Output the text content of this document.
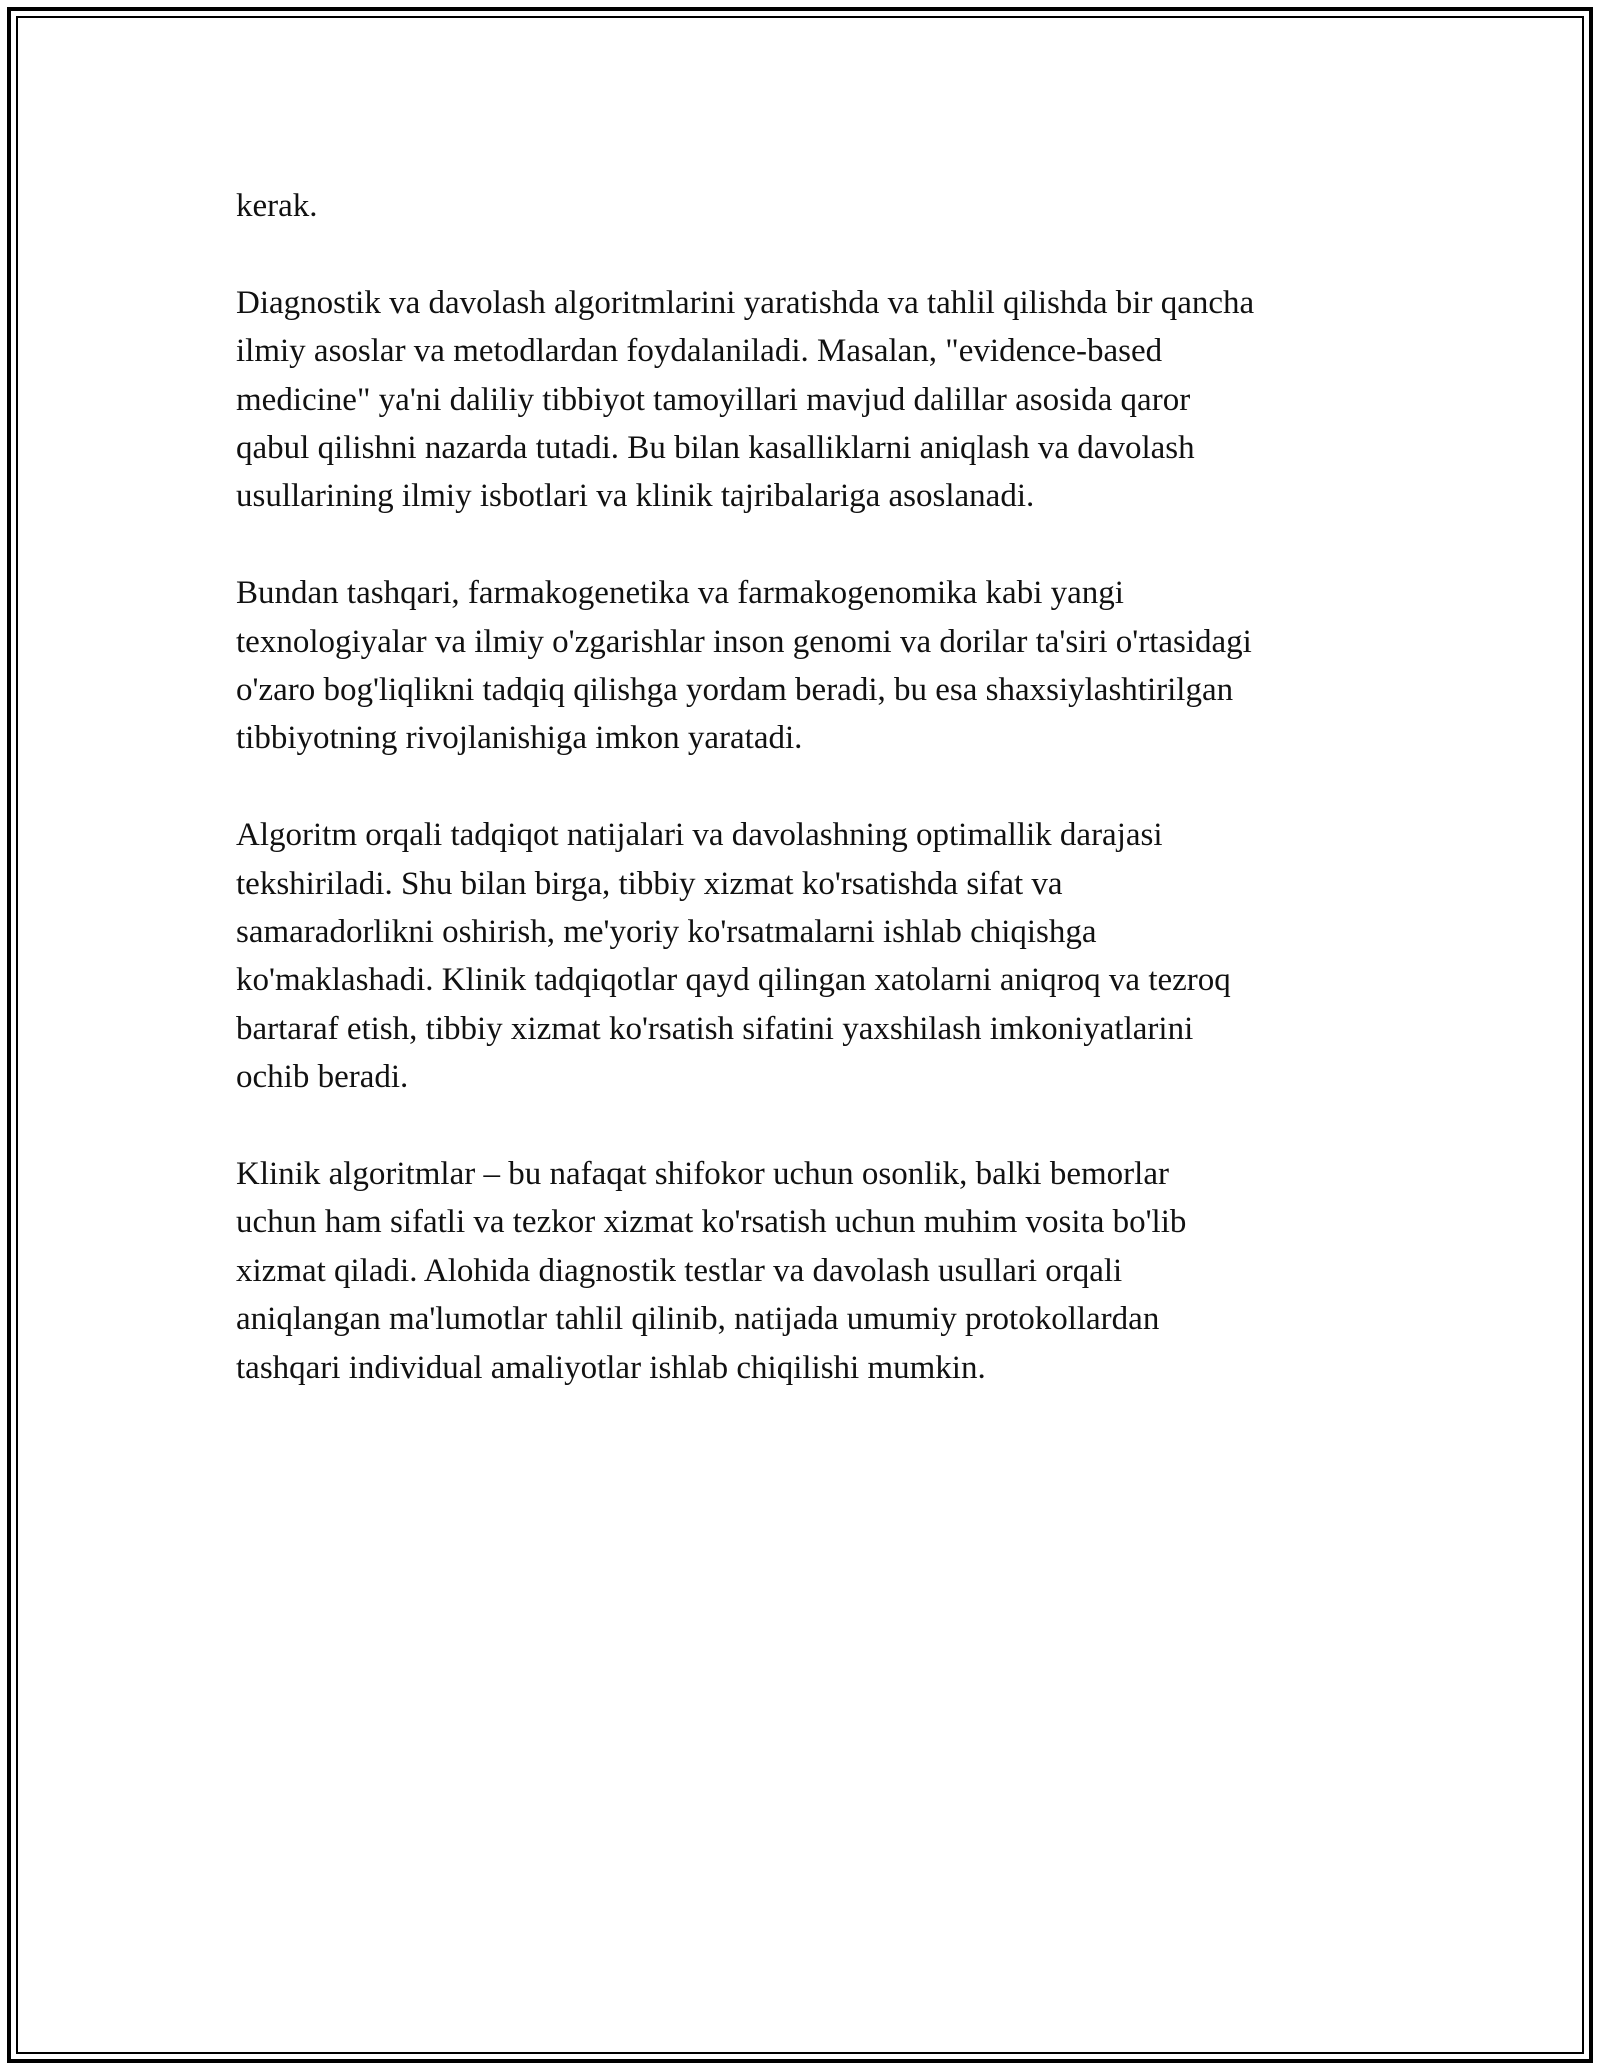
kerak.

Diagnostik va davolash algoritmlarini yaratishda va tahlil qilishda bir qancha
ilmiy asoslar va metodlardan foydalaniladi. Masalan, "evidence-based
medicine" ya'ni daliliy tibbiyot tamoyillari mavjud dalillar asosida qaror
qabul qilishni nazarda tutadi. Bu bilan kasalliklarni aniqlash va davolash
usullarining ilmiy isbotlari va klinik tajribalariga asoslanadi.

Bundan tashqari, farmakogenetika va farmakogenomika kabi yangi
texnologiyalar va ilmiy o'zgarishlar inson genomi va dorilar ta'siri o'rtasidagi
o'zaro bog'liqlikni tadqiq qilishga yordam beradi, bu esa shaxsiylashtirilgan
tibbiyotning rivojlanishiga imkon yaratadi.

Algoritm orqali tadqiqot natijalari va davolashning optimallik darajasi
tekshiriladi. Shu bilan birga, tibbiy xizmat ko'rsatishda sifat va
samaradorlikni oshirish, me'yoriy ko'rsatmalarni ishlab chiqishga
ko'maklashadi. Klinik tadqiqotlar qayd qilingan xatolarni aniqroq va tezroq
bartaraf etish, tibbiy xizmat ko'rsatish sifatini yaxshilash imkoniyatlarini
ochib beradi.

Klinik algoritmlar – bu nafaqat shifokor uchun osonlik, balki bemorlar
uchun ham sifatli va tezkor xizmat ko'rsatish uchun muhim vosita bo'lib
xizmat qiladi. Alohida diagnostik testlar va davolash usullari orqali
aniqlangan ma'lumotlar tahlil qilinib, natijada umumiy protokollardan
tashqari individual amaliyotlar ishlab chiqilishi mumkin.
